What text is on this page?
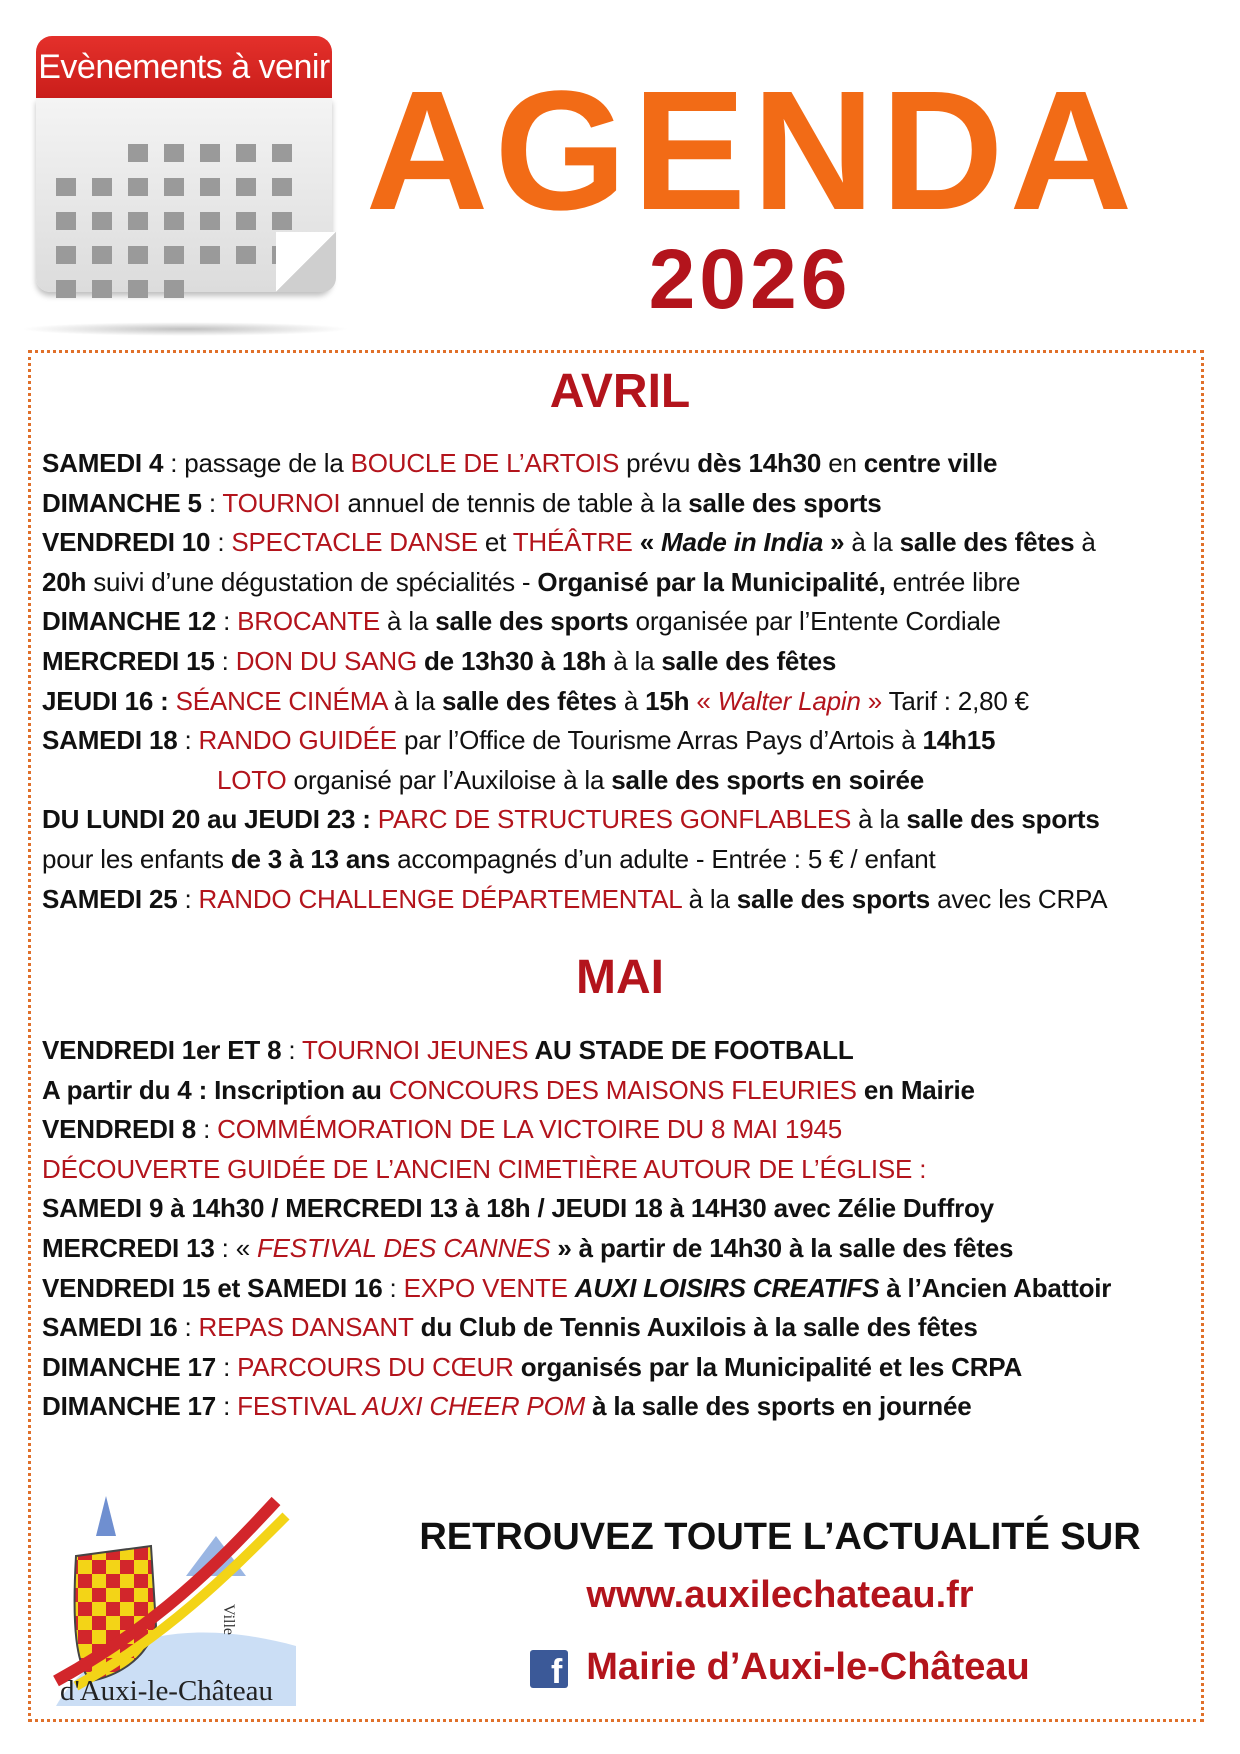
Evènements à venir AGENDA
2026
AVRIL
SAMEDI 4 : passage de la BOUCLE DE L’ARTOIS prévu dès 14h30 en centre ville
DIMANCHE 5 : TOURNOI annuel de tennis de table à la salle des sports
VENDREDI 10 : SPECTACLE DANSE et THÉÂTRE « Made in India » à la salle des fêtes à
20h suivi d’une dégustation de spécialités - Organisé par la Municipalité, entrée libre
DIMANCHE 12 : BROCANTE à la salle des sports organisée par l’Entente Cordiale
MERCREDI 15 : DON DU SANG de 13h30 à 18h à la salle des fêtes
JEUDI 16 : SÉANCE CINÉMA à la salle des fêtes à 15h « Walter Lapin » Tarif : 2,80 €
SAMEDI 18 : RANDO GUIDÉE par l’Office de Tourisme Arras Pays d’Artois à 14h15
LOTO organisé par l’Auxiloise à la salle des sports en soirée
DU LUNDI 20 au JEUDI 23 : PARC DE STRUCTURES GONFLABLES à la salle des sports
pour les enfants de 3 à 13 ans accompagnés d’un adulte - Entrée : 5 € / enfant
SAMEDI 25 : RANDO CHALLENGE DÉPARTEMENTAL à la salle des sports avec les CRPA
MAI
VENDREDI 1er ET 8 : TOURNOI JEUNES AU STADE DE FOOTBALL
A partir du 4 : Inscription au CONCOURS DES MAISONS FLEURIES en Mairie
VENDREDI 8 : COMMÉMORATION DE LA VICTOIRE DU 8 MAI 1945
DÉCOUVERTE GUIDÉE DE L’ANCIEN CIMETIÈRE AUTOUR DE L’ÉGLISE :
SAMEDI 9 à 14h30 / MERCREDI 13 à 18h / JEUDI 18 à 14H30 avec Zélie Duffroy
MERCREDI 13 : « FESTIVAL DES CANNES » à partir de 14h30 à la salle des fêtes
VENDREDI 15 et SAMEDI 16 : EXPO VENTE AUXI LOISIRS CREATIFS à l’Ancien Abattoir
SAMEDI 16 : REPAS DANSANT du Club de Tennis Auxilois à la salle des fêtes
DIMANCHE 17 : PARCOURS DU CŒUR organisés par la Municipalité et les CRPA
DIMANCHE 17 : FESTIVAL AUXI CHEER POM à la salle des sports en journée
Ville
d'Auxi-le-Château
RETROUVEZ TOUTE L’ACTUALITÉ SUR
www.auxilechateau.fr
f Mairie d’Auxi-le-Château
